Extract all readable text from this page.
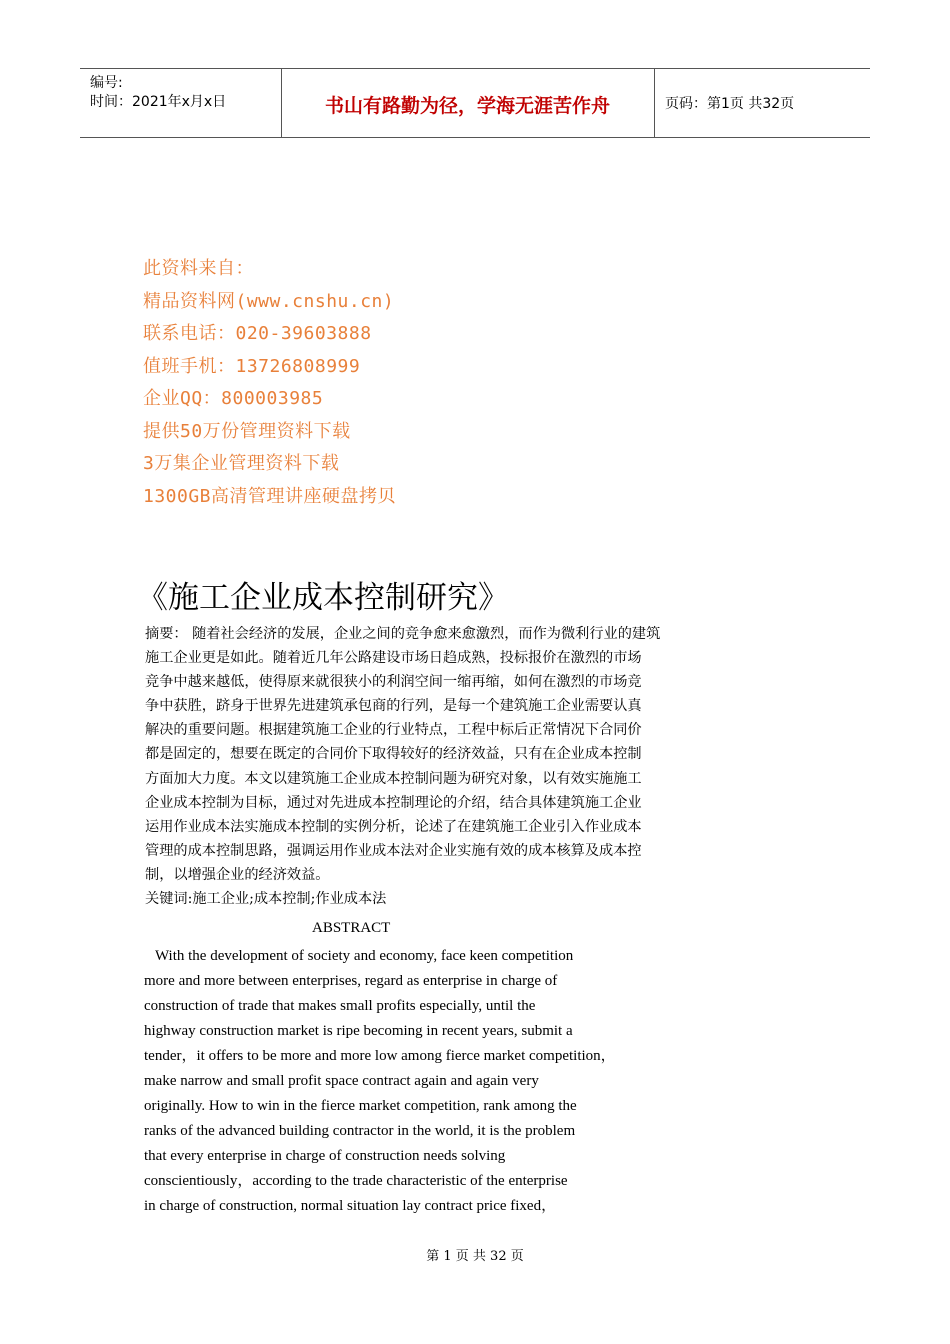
编号:
时间：2021年x月x日	书山有路勤为径，学海无涯苦作舟	页码：第1页 共32页
此资料来自：
精品资料网(www.cnshu.cn)
联系电话：020-39603888
值班手机：13726808999
企业QQ：800003985
提供50万份管理资料下载
3万集企业管理资料下载
1300GB高清管理讲座硬盘拷贝
《施工企业成本控制研究》
摘要： 随着社会经济的发展，企业之间的竞争愈来愈激烈，而作为微利行业的建筑
施工企业更是如此。随着近几年公路建设市场日趋成熟，投标报价在激烈的市场
竞争中越来越低，使得原来就很狭小的利润空间一缩再缩，如何在激烈的市场竞
争中获胜，跻身于世界先进建筑承包商的行列，是每一个建筑施工企业需要认真
解决的重要问题。根据建筑施工企业的行业特点，工程中标后正常情况下合同价
都是固定的，想要在既定的合同价下取得较好的经济效益，只有在企业成本控制
方面加大力度。本文以建筑施工企业成本控制问题为研究对象，以有效实施施工
企业成本控制为目标，通过对先进成本控制理论的介绍，结合具体建筑施工企业
运用作业成本法实施成本控制的实例分析，论述了在建筑施工企业引入作业成本
管理的成本控制思路，强调运用作业成本法对企业实施有效的成本核算及成本控
制，以增强企业的经济效益。
关键词:施工企业;成本控制;作业成本法
ABSTRACT
With the development of society and economy, face keen competition
more and more between enterprises, regard as enterprise in charge of
construction of trade that makes small profits especially, until the
highway construction market is ripe becoming in recent years, submit a
tender，it offers to be more and more low among fierce market competition，
make narrow and small profit space contract again and again very
originally. How to win in the fierce market competition, rank among the
ranks of the advanced building contractor in the world, it is the problem
that every enterprise in charge of construction needs solving
conscientiously，according to the trade characteristic of the enterprise
in charge of construction, normal situation lay contract price fixed，
第 1 页 共 32 页
